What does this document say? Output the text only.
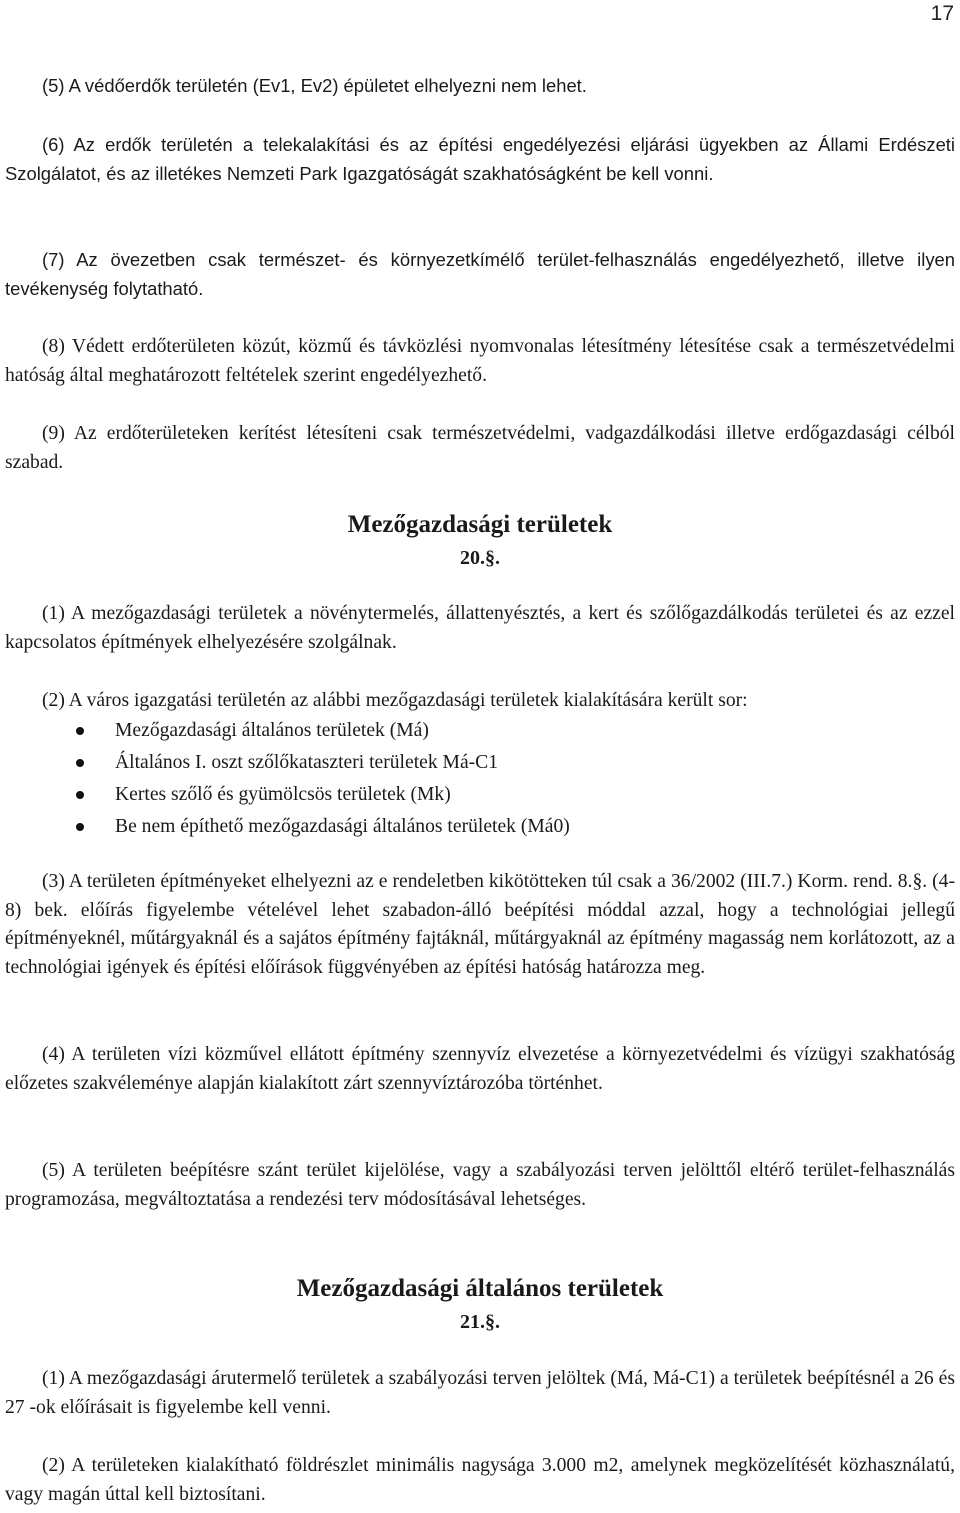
17
(5) A védőerdők területén (Ev1, Ev2) épületet elhelyezni nem lehet.
(6) Az erdők területén a telekalakítási és az építési engedélyezési eljárási ügyekben az Állami Erdészeti Szolgálatot, és az illetékes Nemzeti Park Igazgatóságát szakhatóságként be kell vonni.
(7) Az övezetben csak természet- és környezetkímélő terület-felhasználás engedélyezhető, illetve ilyen tevékenység folytatható.
(8) Védett erdőterületen közút, közmű és távközlési nyomvonalas létesítmény létesítése csak a természetvédelmi hatóság által meghatározott feltételek szerint engedélyezhető.
(9) Az erdőterületeken kerítést létesíteni csak természetvédelmi, vadgazdálkodási illetve erdőgazdasági célból szabad.
Mezőgazdasági területek
20.§.
(1) A mezőgazdasági területek a növénytermelés, állattenyésztés, a kert és szőlőgazdálkodás területei és az ezzel kapcsolatos építmények elhelyezésére szolgálnak.
(2) A város igazgatási területén az alábbi mezőgazdasági területek kialakítására került sor:
Mezőgazdasági általános területek (Má)
Általános I. oszt szőlőkataszteri területek Má-C1
Kertes szőlő és gyümölcsös területek (Mk)
Be nem építhető mezőgazdasági általános területek (Má0)
(3) A területen építményeket elhelyezni az e rendeletben kikötötteken túl csak a 36/2002 (III.7.) Korm. rend. 8.§. (4-8) bek. előírás figyelembe vételével lehet szabadon-álló beépítési móddal azzal, hogy a technológiai jellegű építményeknél, műtárgyaknál és a sajátos építmény fajtáknál, műtárgyaknál az építmény magasság nem korlátozott, az a technológiai igények és építési előírások függvényében az építési hatóság határozza meg.
(4) A területen vízi közművel ellátott építmény szennyvíz elvezetése a környezetvédelmi és vízügyi szakhatóság előzetes szakvéleménye alapján kialakított zárt szennyvíztározóba történhet.
(5) A területen beépítésre szánt terület kijelölése, vagy a szabályozási terven jelölttől eltérő terület-felhasználás programozása, megváltoztatása a rendezési terv módosításával lehetséges.
Mezőgazdasági általános területek
21.§.
(1) A mezőgazdasági árutermelő területek a szabályozási terven jelöltek (Má, Má-C1) a területek beépítésnél a 26 és 27 -ok előírásait is figyelembe kell venni.
(2) A területeken kialakítható földrészlet minimális nagysága 3.000 m2, amelynek megközelítését közhasználatú, vagy magán úttal kell biztosítani.
